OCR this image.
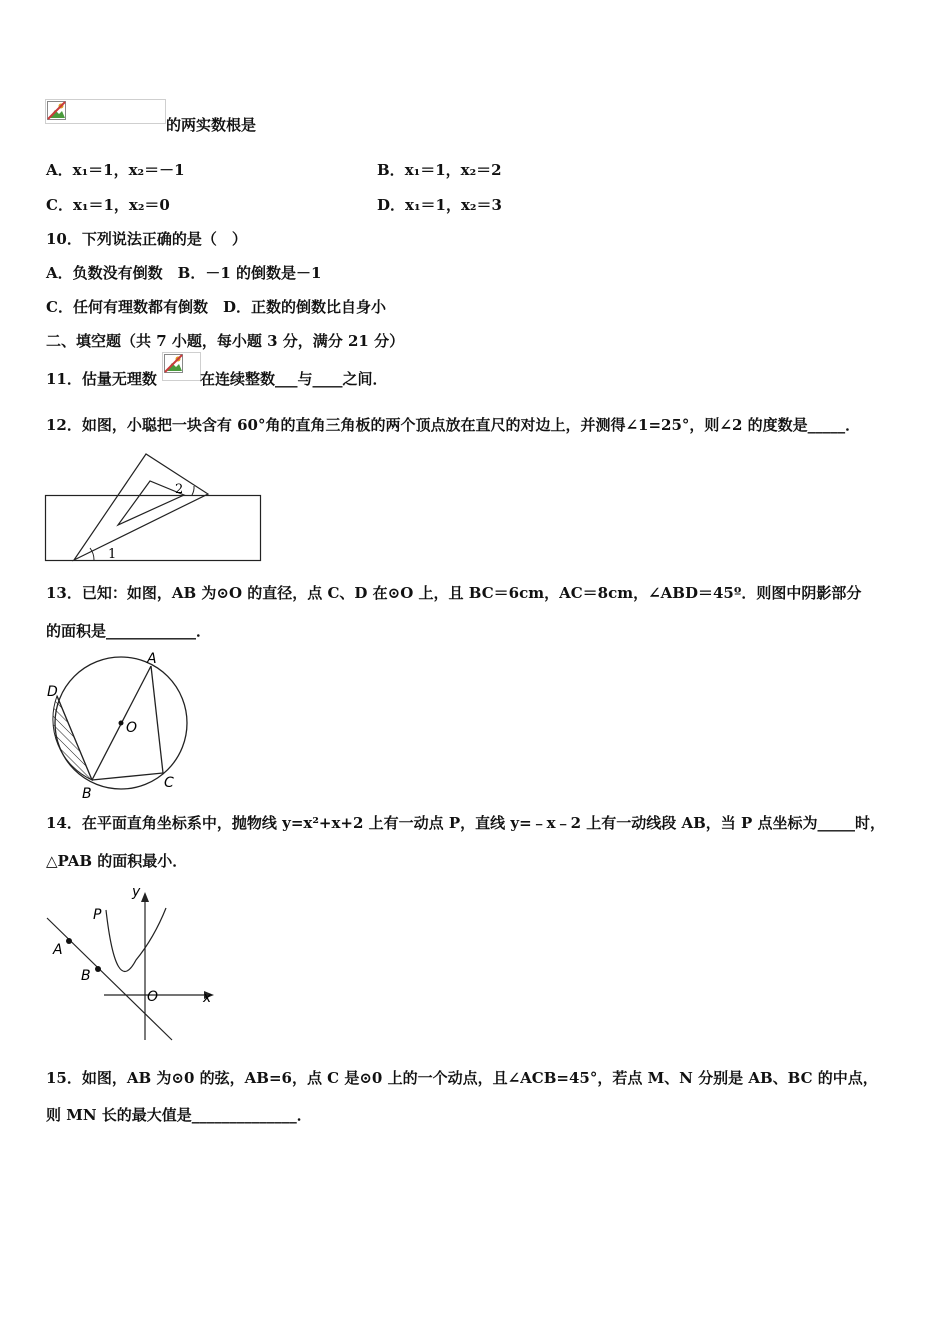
的两实数根是
A．x₁＝1，x₂＝－1	B．x₁＝1，x₂＝2
C．x₁＝1，x₂＝0	D．x₁＝1，x₂＝3
10．下列说法正确的是（　）
A．负数没有倒数　B．－1 的倒数是－1
C．任何有理数都有倒数　D．正数的倒数比自身小
二、填空题（共 7 小题，每小题 3 分，满分 21 分）
11．估量无理数	在连续整数___与____之间．
12．如图，小聪把一块含有 60°角的直角三角板的两个顶点放在直尺的对边上，并测得∠1=25°，则∠2 的度数是_____．
1
2
13．已知：如图，AB 为⊙O 的直径，点 C、D 在⊙O 上，且 BC＝6cm，AC＝8cm，∠ABD＝45º．则图中阴影部分
的面积是____________．
A
B
C
D
O
14．在平面直角坐标系中，抛物线 y=x²+x+2 上有一动点 P，直线 y=﹣x﹣2 上有一动线段 AB，当 P 点坐标为_____时，
△PAB 的面积最小．
y
x
P
A
B
O
15．如图，AB 为⊙0 的弦，AB=6，点 C 是⊙0 上的一个动点，且∠ACB=45°，若点 M、N 分别是 AB、BC 的中点，
则 MN 长的最大值是______________．
